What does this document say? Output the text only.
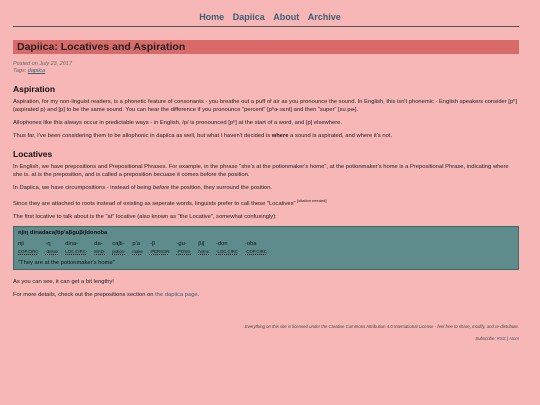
Home Dapiica About Archive
Dapiica: Locatives and Aspiration
Posted on July 23, 2017
Tags: dapiica
Aspiration

Aspiration, for my non-linguist readers, is a phonetic feature of consonants - you breathe out a puff of air as you pronounce the sound. In English, this isn't phonemic - English speakers consider [pʰ] (aspirated p) and [p] to be the same sound. You can hear the difference if you pronounce "percent" [pʰɚːsɛnt] and then "super" [suːpɚ].

Allophones like this always occur in predictable ways - in English, /p/ is pronounced [pʰ] at the start of a word, and [p] elsewhere.

Thus far, I've been considering them to be allophonic in dapiica as well, but what I haven't decided is where a sound is aspirated, and where it's not.

Locatives

In English, we have prepositions and Prepositional Phrases. For example, in the phrase "she's at the potionmaker's home", at the potionmaker's home is a Prepositional Phrase, indicating where she is. at is the preposition, and is called a preposition becuase it comes before the position.

In Dapiica, we have circumpositions - instead of being before the position, they surround the position.

Since they are attached to roots instead of existing as seperate words, linguists prefer to call these "Locatives" [citation needed]

The first locative to talk about is the "at" locative (also known as "the Locative", somewhat confusingly):

njiŋ dinadacaʃtip'aβguβiʃdonoba
nji
COP.CIRC
-ŋ
-3ᴇʀɢx
dina-
LOC.CIRC-
da-
MAD-
caʃti-
potion-
p'a
make
-β
-PERSON
-gu-
-POSS-
βiʃ
home
-don
-LOC.CIRC
-oba
-COP.CIRC
"They are at the potionmaker's home"

As you can see, it can get a bit lengthy!

For more details, check out the prepositions section on the dapiica page.

Everything on this site is licensed under the Creative Commons Attribution 4.0 International License - feel free to share, modify, and re-distribute.
Subscribe: RSS | Atom
